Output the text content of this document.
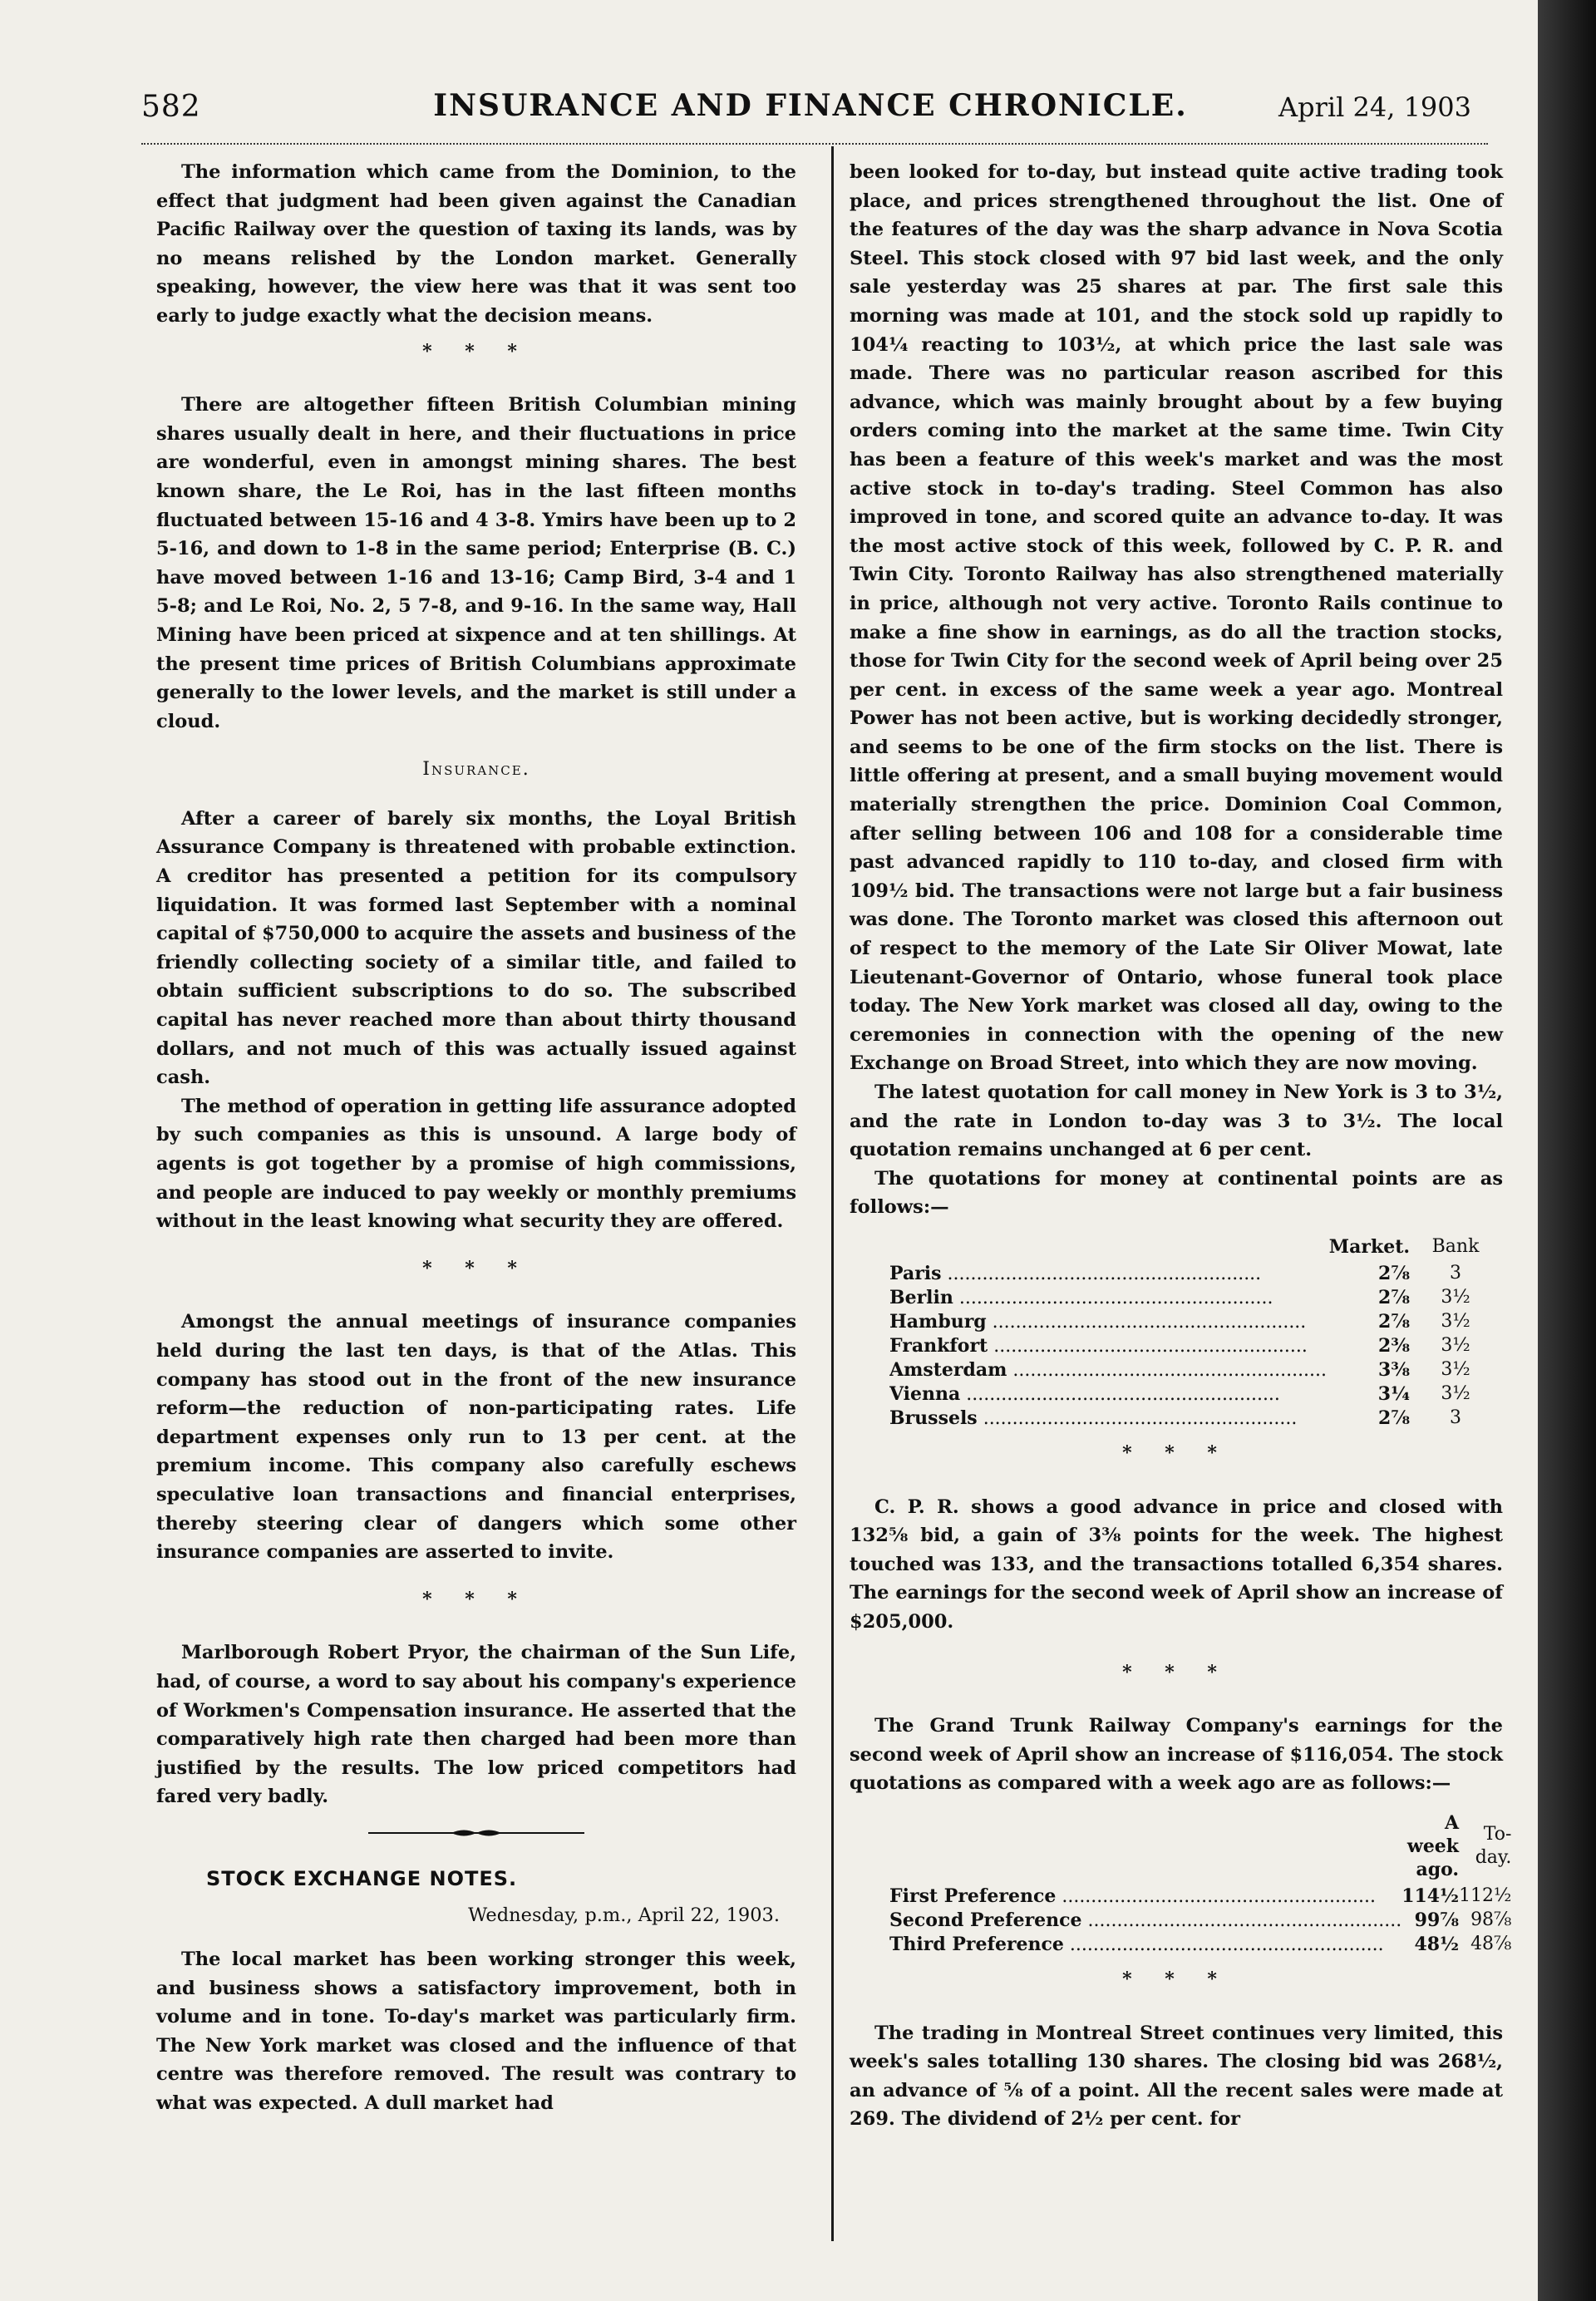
582	INSURANCE AND FINANCE CHRONICLE.	April 24, 1903

The information which came from the Dominion, to the effect that judgment had been given against the Canadian Pacific Railway over the question of taxing its lands, was by no means relished by the London market. Generally speaking, however, the view here was that it was sent too early to judge exactly what the decision means.

* * *

There are altogether fifteen British Columbian mining shares usually dealt in here, and their fluctuations in price are wonderful, even in amongst mining shares. The best known share, the Le Roi, has in the last fifteen months fluctuated between 15-16 and 4 3-8. Ymirs have been up to 2 5-16, and down to 1-8 in the same period; Enterprise (B. C.) have moved between 1-16 and 13-16; Camp Bird, 3-4 and 1 5-8; and Le Roi, No. 2, 5 7-8, and 9-16. In the same way, Hall Mining have been priced at sixpence and at ten shillings. At the present time prices of British Columbians approximate generally to the lower levels, and the market is still under a cloud.

Insurance.

After a career of barely six months, the Loyal British Assurance Company is threatened with probable extinction. A creditor has presented a petition for its compulsory liquidation. It was formed last September with a nominal capital of $750,000 to acquire the assets and business of the friendly collecting society of a similar title, and failed to obtain sufficient subscriptions to do so. The subscribed capital has never reached more than about thirty thousand dollars, and not much of this was actually issued against cash.

The method of operation in getting life assurance adopted by such companies as this is unsound. A large body of agents is got together by a promise of high commissions, and people are induced to pay weekly or monthly premiums without in the least knowing what security they are offered.

* * *

Amongst the annual meetings of insurance companies held during the last ten days, is that of the Atlas. This company has stood out in the front of the new insurance reform—the reduction of non-participating rates. Life department expenses only run to 13 per cent. at the premium income. This company also carefully eschews speculative loan transactions and financial enterprises, thereby steering clear of dangers which some other insurance companies are asserted to invite.

* * *

Marlborough Robert Pryor, the chairman of the Sun Life, had, of course, a word to say about his company's experience of Workmen's Compensation insurance. He asserted that the comparatively high rate then charged had been more than justified by the results. The low priced competitors had fared very badly.

STOCK EXCHANGE NOTES.
Wednesday, p.m., April 22, 1903.

The local market has been working stronger this week, and business shows a satisfactory improvement, both in volume and in tone. To-day's market was particularly firm. The New York market was closed and the influence of that centre was therefore removed. The result was contrary to what was expected. A dull market had

been looked for to-day, but instead quite active trading took place, and prices strengthened throughout the list. One of the features of the day was the sharp advance in Nova Scotia Steel. This stock closed with 97 bid last week, and the only sale yesterday was 25 shares at par. The first sale this morning was made at 101, and the stock sold up rapidly to 104¼ reacting to 103½, at which price the last sale was made. There was no particular reason ascribed for this advance, which was mainly brought about by a few buying orders coming into the market at the same time. Twin City has been a feature of this week's market and was the most active stock in to-day's trading. Steel Common has also improved in tone, and scored quite an advance to-day. It was the most active stock of this week, followed by C. P. R. and Twin City. Toronto Railway has also strengthened materially in price, although not very active. Toronto Rails continue to make a fine show in earnings, as do all the traction stocks, those for Twin City for the second week of April being over 25 per cent. in excess of the same week a year ago. Montreal Power has not been active, but is working decidedly stronger, and seems to be one of the firm stocks on the list. There is little offering at present, and a small buying movement would materially strengthen the price. Dominion Coal Common, after selling between 106 and 108 for a considerable time past advanced rapidly to 110 to-day, and closed firm with 109½ bid. The transactions were not large but a fair business was done. The Toronto market was closed this afternoon out of respect to the memory of the Late Sir Oliver Mowat, late Lieutenant-Governor of Ontario, whose funeral took place today. The New York market was closed all day, owing to the ceremonies in connection with the opening of the new Exchange on Broad Street, into which they are now moving.

The latest quotation for call money in New York is 3 to 3½, and the rate in London to-day was 3 to 3½. The local quotation remains unchanged at 6 per cent.

The quotations for money at continental points are as follows:—

	Market.	Bank
Paris .....	2⅞	3
Berlin .....	2⅞	3½
Hamburg .....	2⅞	3½
Frankfort .....	2⅜	3½
Amsterdam .....	3⅜	3½
Vienna .....	3¼	3½
Brussels .....	2⅞	3
* * *

C. P. R. shows a good advance in price and closed with 132⅝ bid, a gain of 3⅜ points for the week. The highest touched was 133, and the transactions totalled 6,354 shares. The earnings for the second week of April show an increase of $205,000.

* * *

The Grand Trunk Railway Company's earnings for the second week of April show an increase of $116,054. The stock quotations as compared with a week ago are as follows:—

	A week ago.	To-day.
First Preference .....	114½	112½
Second Preference .....	99⅞	98⅞
Third Preference .....	48½	48⅞
* * *

The trading in Montreal Street continues very limited, this week's sales totalling 130 shares. The closing bid was 268½, an advance of ⅝ of a point. All the recent sales were made at 269. The dividend of 2½ per cent. for
